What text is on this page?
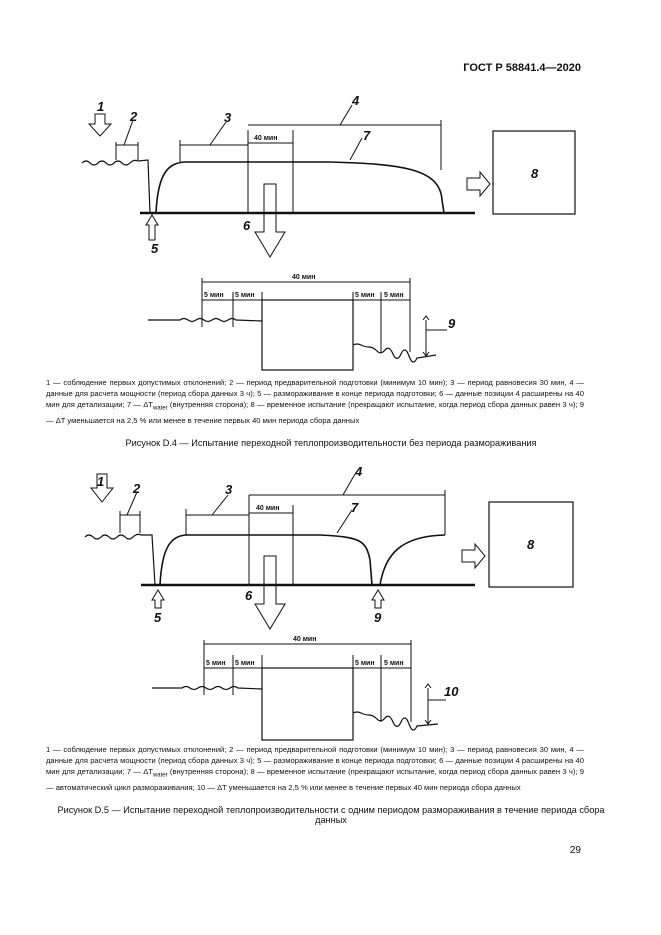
ГОСТ Р 58841.4—2020
1
2	3
4
5
6
7
8
9
40 мин
40 мин
5 мин 5 мин	5 мин 5 мин
1 — соблюдение первых допустимых отклонений; 2 — период предварительной подготовки (минимум 10 мин); 3 — период равновесия 30 мин, 4 — данные для расчета мощности (период сбора данных 3 ч); 5 — размораживание в конце периода подготовки; 6 — данные позиции 4 расширены на 40 мин для детализации; 7 — $\Delta T_{water}$ (внутренняя сторона); 8 — временное испытание (прекращают испытание, когда период сбора данных равен 3 ч); 9 — ΔT уменьшается на 2,5 % или менее в течение первых 40 мин периода сбора данных
Рисунок D.4 — Испытание переходной теплопроизводительности без периода размораживания
1 2	3
4
5
6
7
8
9
10
40 мин
40 мин
5 мин 5 мин	5 мин 5 мин
1 — соблюдение первых допустимых отклонений; 2 — период предварительной подготовки (минимум 10 мин); 3 — период равновесия 30 мин, 4 — данные для расчета мощности (период сбора данных 3 ч); 5 — размораживание в конце периода подготовки; 6 — данные позиции 4 расширены на 40 мин для детализации; 7 — $\Delta T_{water}$ (внутренняя сторона); 8 — временное испытание (прекращают испытание, когда период сбора данных равен 3 ч); 9 — автоматический цикл размораживания; 10 — ΔT уменьшается на 2,5 % или менее в течение первых 40 мин периода сбора данных
Рисунок D.5 — Испытание переходной теплопроизводительности с одним периодом размораживания в течение периода сбора данных
29
